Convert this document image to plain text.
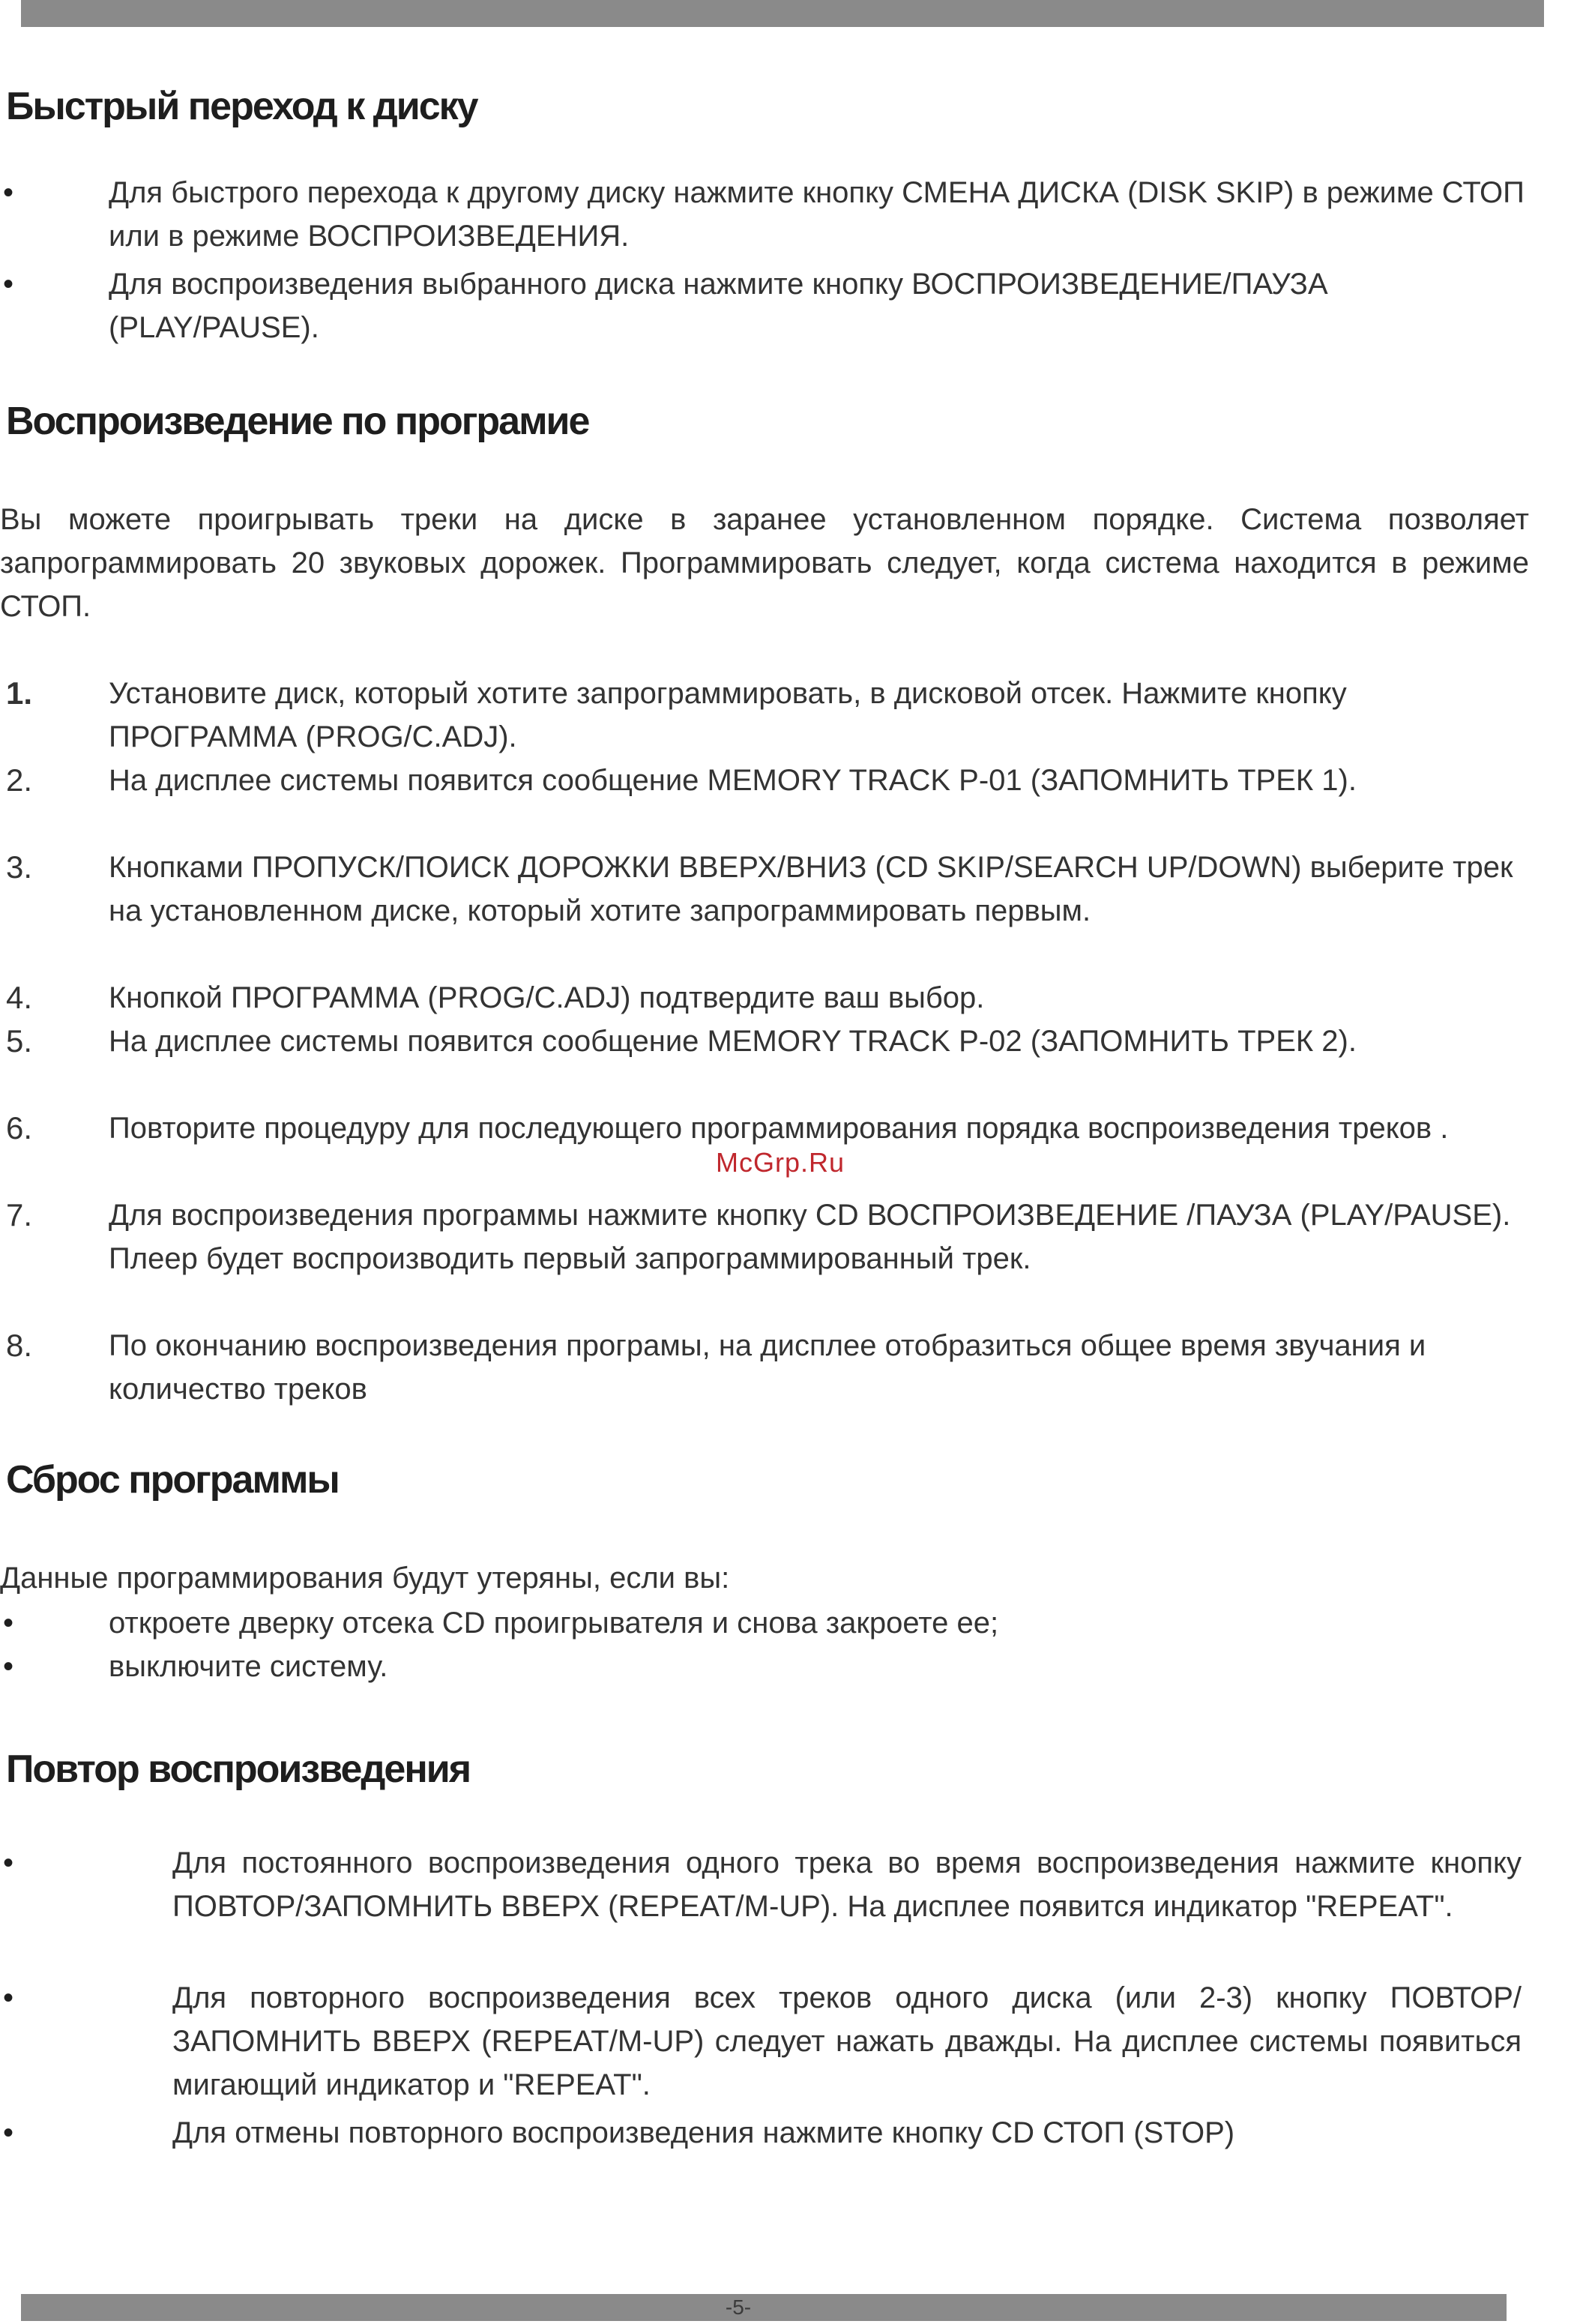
-5-
Быстрый переход к диску
•	Для быстрого перехода к другому диску нажмите кнопку СМЕНА ДИСКА (DISK SKIP) в режиме СТОП или в режиме ВОСПРОИЗВЕДЕНИЯ.

•	Для воспроизведения выбранного диска нажмите кнопку ВОСПРОИЗВЕДЕНИЕ/ПАУЗА (PLAY/PAUSE).

Воспроизведение по програмие

Вы можете проигрывать треки на диске в заранее установленном порядке. Система позволяет запрограммировать 20 звуковых дорожек. Программировать следует, когда система находится в режиме СТОП.

1.	Установите диск, который хотите запрограммировать, в дисковой отсек. Нажмите кнопку ПРОГРАММА (PROG/C.ADJ).

2.	На дисплее системы появится сообщение MEMORY TRACK P-01 (ЗАПОМНИТЬ ТРЕК 1).

3.	Кнопками ПРОПУСК/ПОИСК ДОРОЖКИ ВВЕРХ/ВНИЗ (CD SKIP/SEARCH UP/DOWN) выберите трек на установленном диске, который хотите запрограммировать первым.

4.	Кнопкой ПРОГРАММА (PROG/C.ADJ) подтвердите ваш выбор.

5.	На дисплее системы появится сообщение MEMORY TRACK P-02 (ЗАПОМНИТЬ ТРЕК 2).

6.	Повторите процедуру для последующего программирования порядка воспроизведения треков .

7.	Для воспроизведения программы нажмите кнопку CD ВОСПРОИЗВЕДЕНИЕ /ПАУЗА (PLAY/PAUSE). Плеер будет воспроизводить первый запрограммированный трек.

8.	По окончанию воспроизведения програмы, на дисплее отобразиться общее время звучания и количество треков

McGrp.Ru
Сброс программы

Данные программирования будут утеряны, если вы:

•	откроете дверку отсека CD проигрывателя и снова закроете ее;

•	выключите систему.

Повтор воспроизведения
•	Для постоянного воспроизведения одного трека во время воспроизведения нажмите кнопку ПОВТОР/ЗАПОМНИТЬ ВВЕРХ (REPEAT/M-UP). На дисплее появится индикатор "REPEAT".

•	Для повторного воспроизведения всех треков одного диска (или 2-3) кнопку ПОВТОР/ЗАПОМНИТЬ ВВЕРХ (REPEAT/M-UP) следует нажать дважды. На дисплее системы появиться мигающий индикатор и "REPEAT".

•	Для отмены повторного воспроизведения нажмите кнопку CD СТОП (STOP)
